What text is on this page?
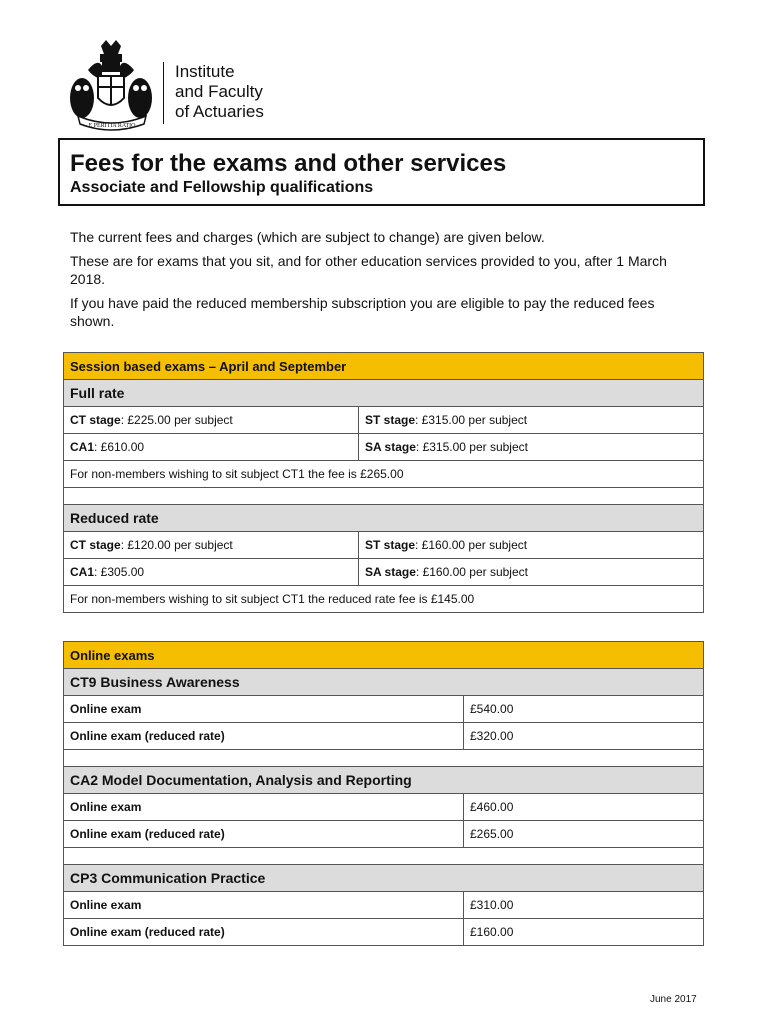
E PERITIA RATIO
Institute
and Faculty
of Actuaries
Fees for the exams and other services
Associate and Fellowship qualifications

The current fees and charges (which are subject to change) are given below.

These are for exams that you sit, and for other education services provided to you, after 1 March 2018.

If you have paid the reduced membership subscription you are eligible to pay the reduced fees shown.

Session based exams – April and September	
Full rate	
CT stage: £225.00 per subject	ST stage: £315.00 per subject
CA1: £610.00	SA stage: £315.00 per subject
For non-members wishing to sit subject CT1 the fee is £265.00	

Reduced rate	
CT stage: £120.00 per subject	ST stage: £160.00 per subject
CA1: £305.00	SA stage: £160.00 per subject
For non-members wishing to sit subject CT1 the reduced rate fee is £145.00	
Online exams	
CT9 Business Awareness	
Online exam	£540.00
Online exam (reduced rate)	£320.00

CA2 Model Documentation, Analysis and Reporting	
Online exam	£460.00
Online exam (reduced rate)	£265.00

CP3 Communication Practice	
Online exam	£310.00
Online exam (reduced rate)	£160.00
June 2017
